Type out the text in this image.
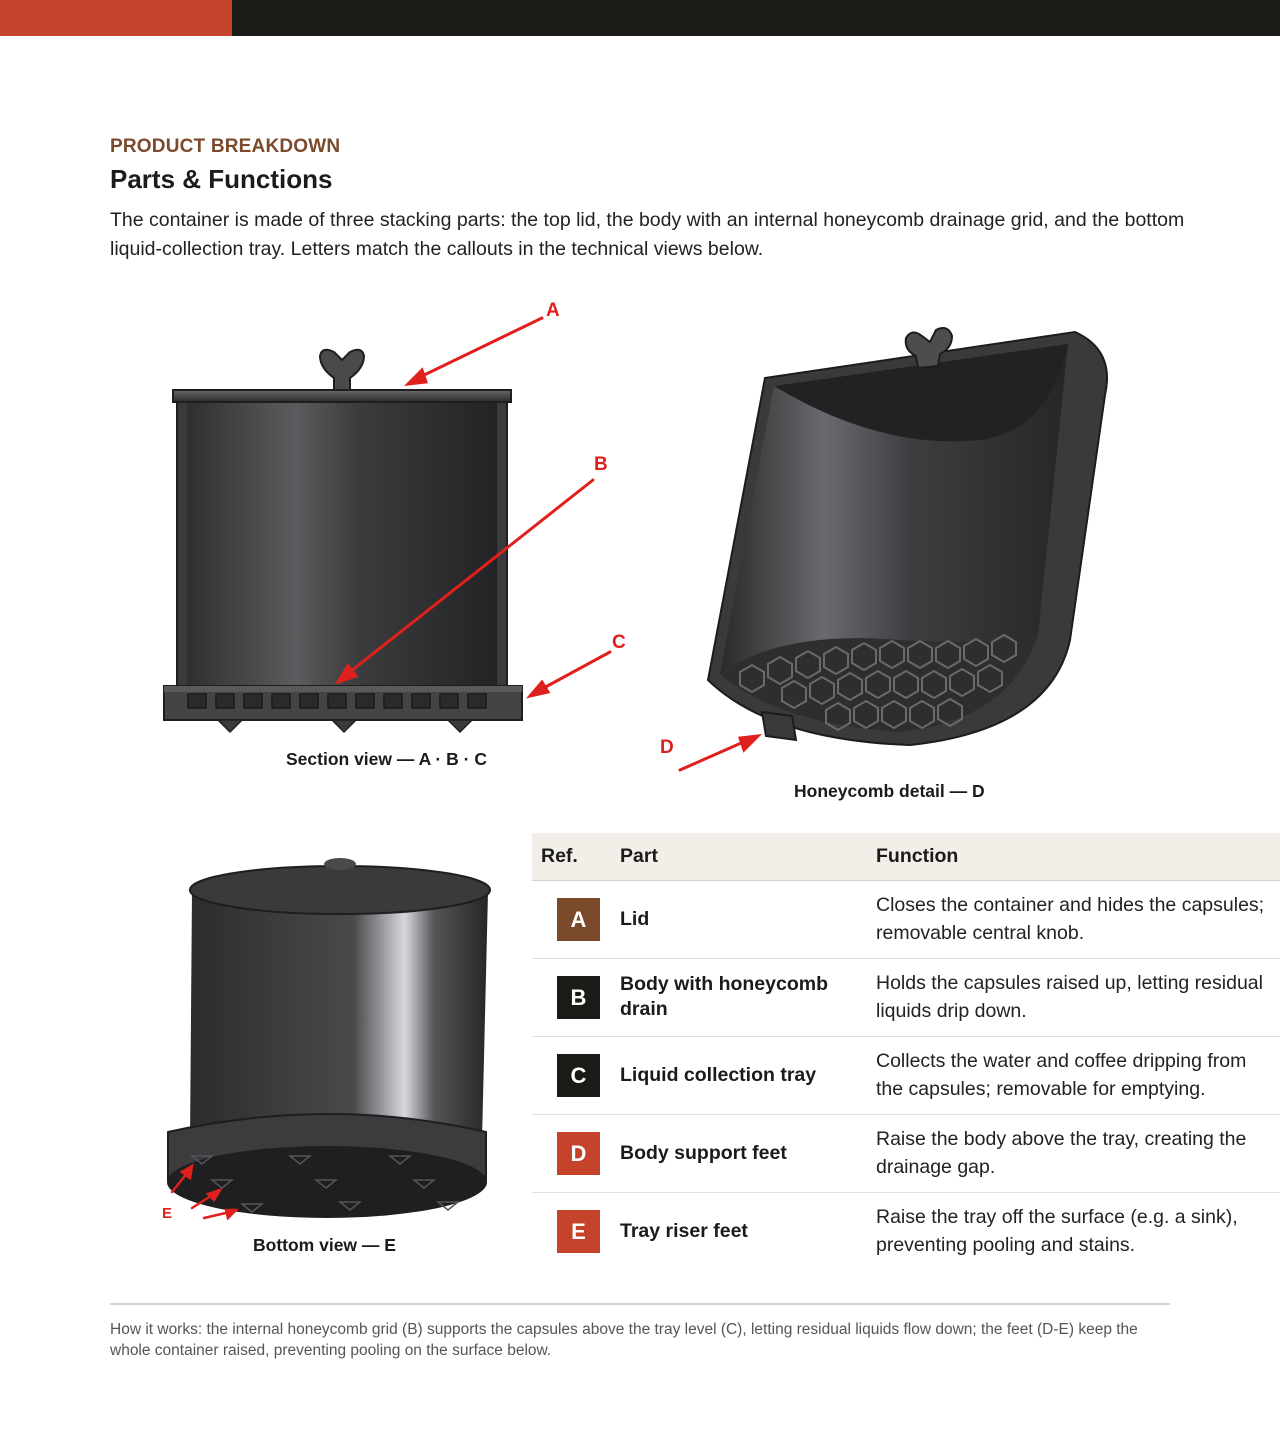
PRODUCT BREAKDOWN
Parts & Functions

The container is made of three stacking parts: the top lid, the body with an internal honeycomb drainage grid, and the bottom liquid-collection tray. Letters match the callouts in the technical views below.

A
B
C
Section view — A · B · C
D
Honeycomb detail — D
E
Bottom view — E
Ref.	Part	Function
A	Lid	Closes the container and hides the capsules; removable central knob.

B	Body with honeycomb drain	Holds the capsules raised up, letting residual liquids drip down.

C	Liquid collection tray	Collects the water and coffee dripping from the capsules; removable for emptying.

D	Body support feet	Raise the body above the tray, creating the drainage gap.

E	Tray riser feet	Raise the tray off the surface (e.g. a sink), preventing pooling and stains.

How it works: the internal honeycomb grid (B) supports the capsules above the tray level (C), letting residual liquids flow down; the feet (D-E) keep the whole container raised, preventing pooling on the surface below.
